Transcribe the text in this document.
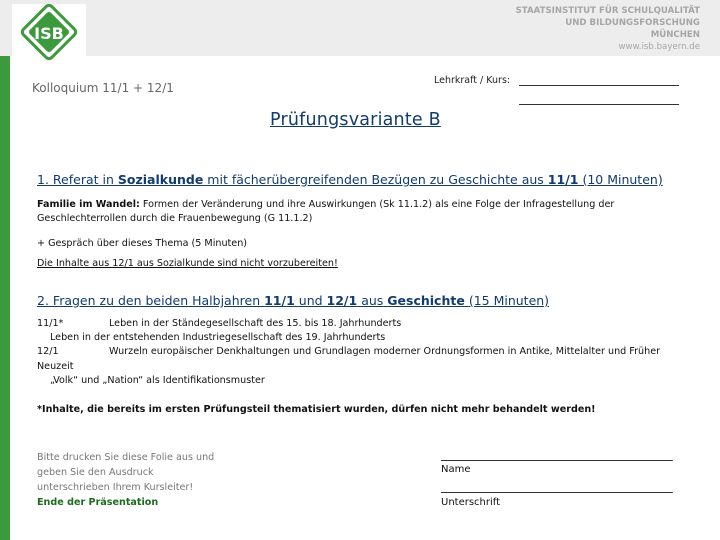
ISB
STAATSINSTITUT FÜR SCHULQUALITÄT
UND BILDUNGSFORSCHUNG
MÜNCHEN
www.isb.bayern.de
Kolloquium 11/1 + 12/1
Lehrkraft / Kurs:
Prüfungsvariante B
1. Referat in Sozialkunde mit fächerübergreifenden Bezügen zu Geschichte aus 11/1 (10 Minuten)
Familie im Wandel: Formen der Veränderung und ihre Auswirkungen (Sk 11.1.2) als eine Folge der Infragestellung der
Geschlechterrollen durch die Frauenbewegung (G 11.1.2)
+ Gespräch über dieses Thema (5 Minuten)
Die Inhalte aus 12/1 aus Sozialkunde sind nicht vorzubereiten!
2. Fragen zu den beiden Halbjahren 11/1 und 12/1 aus Geschichte (15 Minuten)
11/1*	Leben in der Ständegesellschaft des 15. bis 18. Jahrhunderts
Leben in der entstehenden Industriegesellschaft des 19. Jahrhunderts
12/1	Wurzeln europäischer Denkhaltungen und Grundlagen moderner Ordnungsformen in Antike, Mittelalter und Früher
Neuzeit
„Volk“ und „Nation“ als Identifikationsmuster
*Inhalte, die bereits im ersten Prüfungsteil thematisiert wurden, dürfen nicht mehr behandelt werden!
Bitte drucken Sie diese Folie aus und
geben Sie den Ausdruck
unterschrieben Ihrem Kursleiter!
Ende der Präsentation
Name
Unterschrift
